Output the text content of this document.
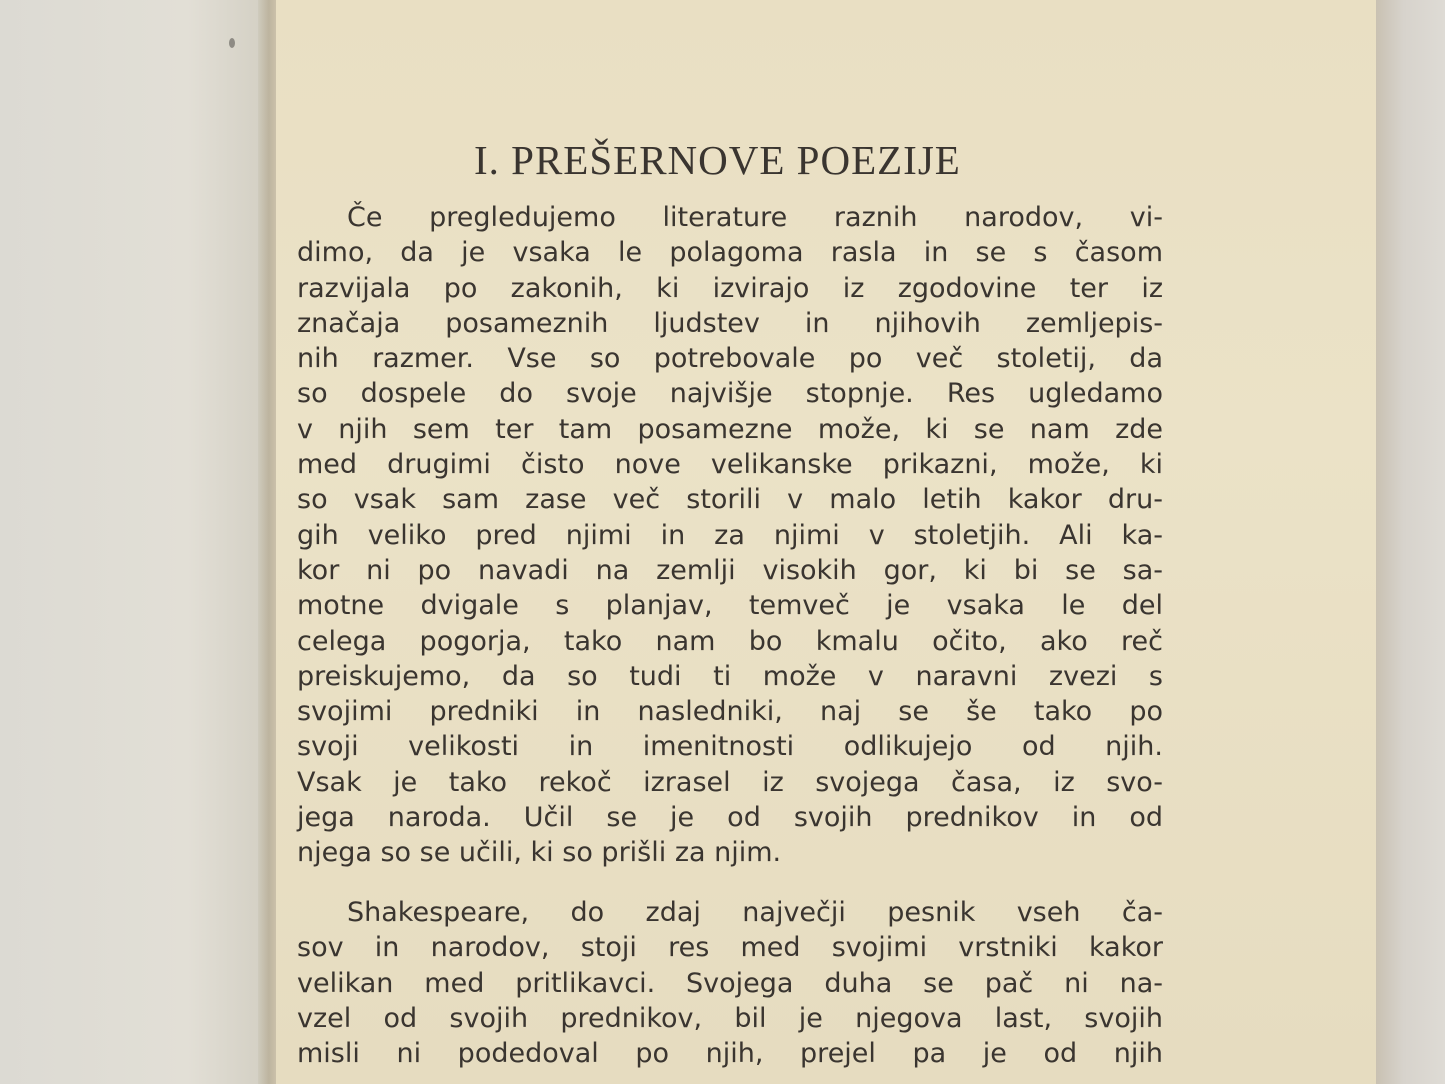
I. PREŠERNOVE POEZIJE
Če pregledujemo literature raznih narodov, vi-
dimo, da je vsaka le polagoma rasla in se s časom
razvijala po zakonih, ki izvirajo iz zgodovine ter iz
značaja posameznih ljudstev in njihovih zemljepis-
nih razmer. Vse so potrebovale po več stoletij, da
so dospele do svoje najvišje stopnje. Res ugledamo
v njih sem ter tam posamezne može, ki se nam zde
med drugimi čisto nove velikanske prikazni, može, ki
so vsak sam zase več storili v malo letih kakor dru-
gih veliko pred njimi in za njimi v stoletjih. Ali ka-
kor ni po navadi na zemlji visokih gor, ki bi se sa-
motne dvigale s planjav, temveč je vsaka le del
celega pogorja, tako nam bo kmalu očito, ako reč
preiskujemo, da so tudi ti može v naravni zvezi s
svojimi predniki in nasledniki, naj se še tako po
svoji velikosti in imenitnosti odlikujejo od njih.
Vsak je tako rekoč izrasel iz svojega časa, iz svo-
jega naroda. Učil se je od svojih prednikov in od
njega so se učili, ki so prišli za njim.
Shakespeare, do zdaj največji pesnik vseh ča-
sov in narodov, stoji res med svojimi vrstniki kakor
velikan med pritlikavci. Svojega duha se pač ni na-
vzel od svojih prednikov, bil je njegova last, svojih
misli ni podedoval po njih, prejel pa je od njih
